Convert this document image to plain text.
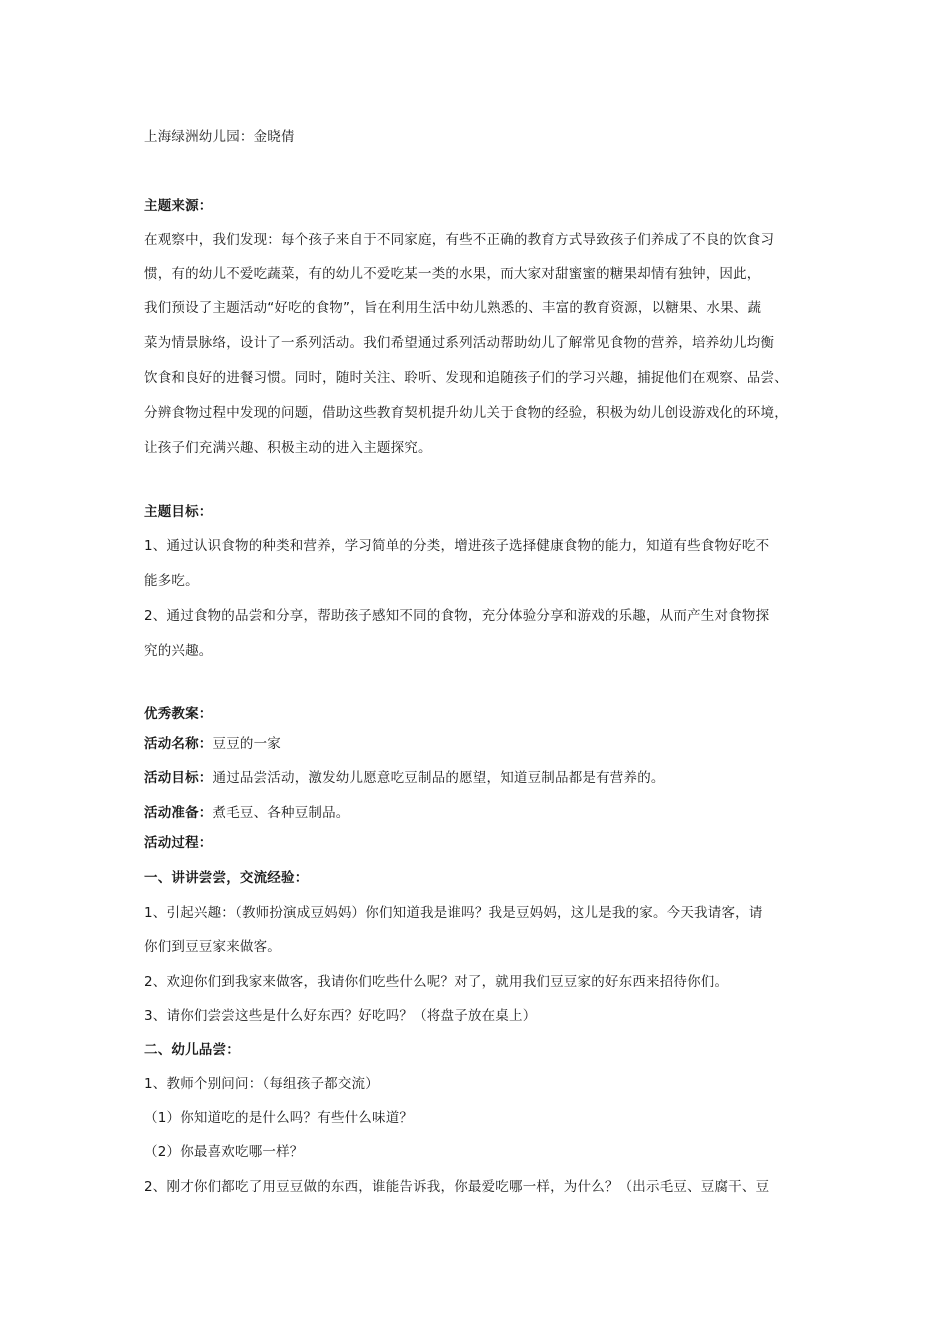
上海绿洲幼儿园：金晓倩
主题来源：
在观察中，我们发现：每个孩子来自于不同家庭，有些不正确的教育方式导致孩子们养成了不良的饮食习
惯，有的幼儿不爱吃蔬菜，有的幼儿不爱吃某一类的水果，而大家对甜蜜蜜的糖果却情有独钟，因此，
我们预设了主题活动“好吃的食物”，旨在利用生活中幼儿熟悉的、丰富的教育资源，以糖果、水果、蔬
菜为情景脉络，设计了一系列活动。我们希望通过系列活动帮助幼儿了解常见食物的营养，培养幼儿均衡
饮食和良好的进餐习惯。同时，随时关注、聆听、发现和追随孩子们的学习兴趣，捕捉他们在观察、品尝、
分辨食物过程中发现的问题，借助这些教育契机提升幼儿关于食物的经验，积极为幼儿创设游戏化的环境，
让孩子们充满兴趣、积极主动的进入主题探究。
主题目标：
1、通过认识食物的种类和营养，学习简单的分类，增进孩子选择健康食物的能力，知道有些食物好吃不
能多吃。
2、通过食物的品尝和分享，帮助孩子感知不同的食物，充分体验分享和游戏的乐趣，从而产生对食物探
究的兴趣。
优秀教案：
活动名称：豆豆的一家
活动目标：通过品尝活动，激发幼儿愿意吃豆制品的愿望，知道豆制品都是有营养的。
活动准备：煮毛豆、各种豆制品。
活动过程：
一、讲讲尝尝，交流经验：
1、引起兴趣：（教师扮演成豆妈妈）你们知道我是谁吗？我是豆妈妈，这儿是我的家。今天我请客，请
你们到豆豆家来做客。
2、欢迎你们到我家来做客，我请你们吃些什么呢？对了，就用我们豆豆家的好东西来招待你们。
3、请你们尝尝这些是什么好东西？好吃吗？（将盘子放在桌上）
二、幼儿品尝：
1、教师个别问问：（每组孩子都交流）
（1）你知道吃的是什么吗？有些什么味道？
（2）你最喜欢吃哪一样？
2、刚才你们都吃了用豆豆做的东西，谁能告诉我，你最爱吃哪一样，为什么？（出示毛豆、豆腐干、豆
